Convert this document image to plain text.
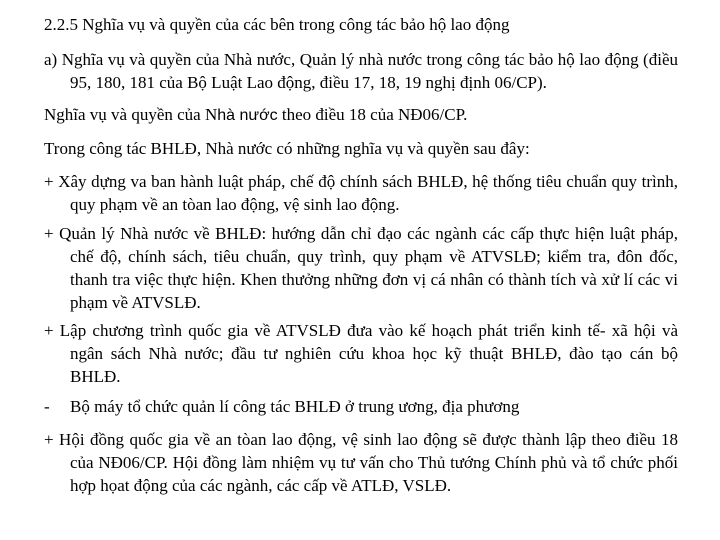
2.2.5 Nghĩa vụ và quyền của các bên trong công tác bảo hộ lao động
a) Nghĩa vụ và quyền của Nhà nước, Quản lý nhà nước trong công tác bảo hộ lao động (điều 95, 180, 181 của Bộ Luật Lao động, điều 17, 18, 19 nghị định 06/CP).
Nghĩa vụ và quyền của Nhà nước theo điều 18 của NĐ06/CP.
Trong công tác BHLĐ, Nhà nước có những nghĩa vụ và quyền sau đây:
+ Xây dựng va ban hành luật pháp, chế độ chính sách BHLĐ, hệ thống tiêu chuẩn quy trình, quy phạm về an tòan lao động, vệ sinh lao động.
+ Quản lý Nhà nước về BHLĐ: hướng dẫn chỉ đạo các ngành các cấp thực hiện luật pháp, chế độ, chính sách, tiêu chuẩn, quy trình, quy phạm về ATVSLĐ; kiểm tra, đôn đốc, thanh tra việc thực hiện. Khen thưởng những đơn vị cá nhân có thành tích và xử lí các vi phạm về ATVSLĐ.
+ Lập chương trình quốc gia về ATVSLĐ đưa vào kế hoạch phát triển kinh tế- xã hội và ngân sách Nhà nước; đầu tư nghiên cứu khoa học kỹ thuật BHLĐ, đào tạo cán bộ BHLĐ.
- Bộ máy tổ chức quản lí công tác BHLĐ ở trung ương, địa phương
+ Hội đồng quốc gia về an tòan lao động, vệ sinh lao động sẽ được thành lập theo điều 18 của NĐ06/CP. Hội đồng làm nhiệm vụ tư vấn cho Thủ tướng Chính phủ và tổ chức phối hợp họat động của các ngành, các cấp về ATLĐ, VSLĐ.
